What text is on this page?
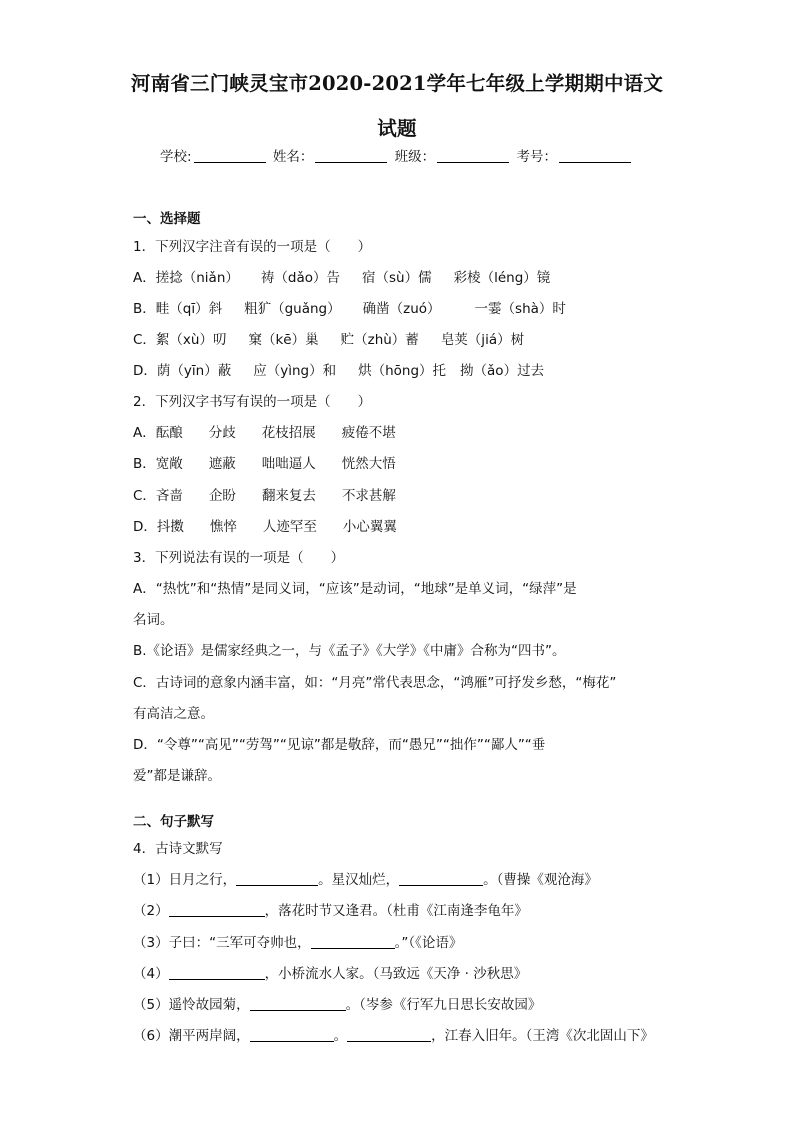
河南省三门峡灵宝市2020-2021学年七年级上学期期中语文
试题
学校:	姓名：	班级：	考号：
一、选择题
1．下列汉字注音有误的一项是（　　）
A．搓捻（niǎn） 祷（dǎo）告 宿（sù）儒 彩棱（léng）镜
B．畦（qī）斜 粗犷（guǎng） 确凿（zuó）	一霎（shà）时
C．絮（xù）叨 窠（kē）巢 贮（zhù）蓄 皂荚（jiá）树
D．荫（yīn）蔽 应（yìng）和 烘（hōng）托 拗（ǎo）过去
2．下列汉字书写有误的一项是（　　）
A．酝酿 分歧 花枝招展 疲倦不堪
B．宽敞 遮蔽 咄咄逼人 恍然大悟
C．吝啬 企盼 翻来复去 不求甚解
D．抖擞 憔悴 人迹罕至 小心翼翼
3．下列说法有误的一项是（　　）
A．“热忱”和“热情”是同义词，“应该”是动词，“地球”是单义词，“绿萍”是
名词。
B.《论语》是儒家经典之一，与《孟子》《大学》《中庸》合称为“四书”。
C．古诗词的意象内涵丰富，如：“月亮”常代表思念，“鸿雁”可抒发乡愁，“梅花”
有高洁之意。
D．“令尊”“高见”“劳驾”“见谅”都是敬辞，而“愚兄”“拙作”“鄙人”“垂
爱”都是谦辞。
二、句子默写
4．古诗文默写
（1）日月之行，	。星汉灿烂，	。（曹操《观沧海》
（2）	，落花时节又逢君。（杜甫《江南逢李龟年》
（3）子曰：“三军可夺帅也，	。”（《论语》
（4）	，小桥流水人家。（马致远《天净 · 沙秋思》
（5）遥怜故园菊，	。（岑参《行军九日思长安故园》
（6）潮平两岸阔，	。	，江春入旧年。（王湾《次北固山下》
